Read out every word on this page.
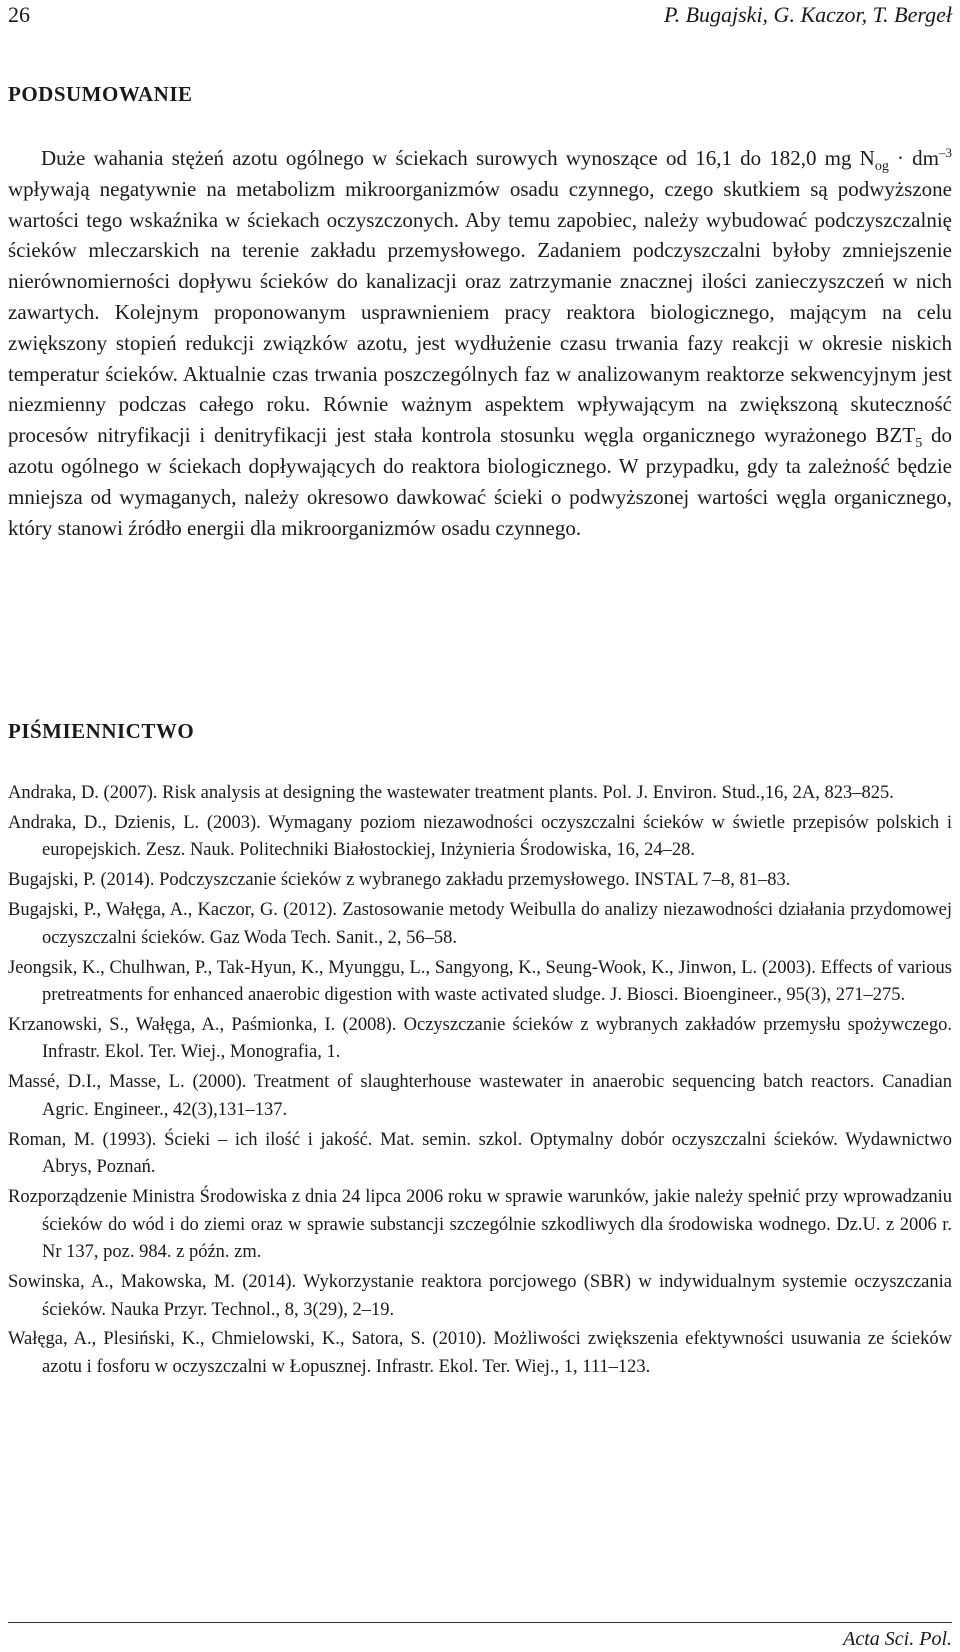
26	P. Bugajski, G. Kaczor, T. Bergeł
PODSUMOWANIE

Duże wahania stężeń azotu ogólnego w ściekach surowych wynoszące od 16,1 do 182,0 mg $N_{og} \cdot dm^{-3}$ wpływają negatywnie na metabolizm mikroorganizmów osadu czynnego, czego skutkiem są podwyższone wartości tego wskaźnika w ściekach oczyszczonych. Aby temu zapobiec, należy wybudować podczyszczalnię ścieków mleczarskich na terenie zakładu przemysłowego. Zadaniem podczyszczalni byłoby zmniejszenie nierównomierności dopływu ścieków do kanalizacji oraz zatrzymanie znacznej ilości zanieczyszczeń w nich zawartych. Kolejnym proponowanym usprawnieniem pracy reaktora biologicznego, mającym na celu zwiększony stopień redukcji związków azotu, jest wydłużenie czasu trwania fazy reakcji w okresie niskich temperatur ścieków. Aktualnie czas trwania poszczególnych faz w analizowanym reaktorze sekwencyjnym jest niezmienny podczas całego roku. Równie ważnym aspektem wpływającym na zwiększoną skuteczność procesów nitryfikacji i denitryfikacji jest stała kontrola stosunku węgla organicznego wyrażonego $BZT_5$ do azotu ogólnego w ściekach dopływających do reaktora biologicznego. W przypadku, gdy ta zależność będzie mniejsza od wymaganych, należy okresowo dawkować ścieki o podwyższonej wartości węgla organicznego, który stanowi źródło energii dla mikroorganizmów osadu czynnego.

PIŚMIENNICTWO
Andraka, D. (2007). Risk analysis at designing the wastewater treatment plants. Pol. J. Environ. Stud.,16, 2A, 823–825.
Andraka, D., Dzienis, L. (2003). Wymagany poziom niezawodności oczyszczalni ścieków w świetle przepisów polskich i europejskich. Zesz. Nauk. Politechniki Białostockiej, Inżynieria Środowiska, 16, 24–28.
Bugajski, P. (2014). Podczyszczanie ścieków z wybranego zakładu przemysłowego. INSTAL 7–8, 81–83.
Bugajski, P., Wałęga, A., Kaczor, G. (2012). Zastosowanie metody Weibulla do analizy niezawodności działania przydomowej oczyszczalni ścieków. Gaz Woda Tech. Sanit., 2, 56–58.
Jeongsik, K., Chulhwan, P., Tak-Hyun, K., Myunggu, L., Sangyong, K., Seung-Wook, K., Jinwon, L. (2003). Effects of various pretreatments for enhanced anaerobic digestion with waste activated sludge. J. Biosci. Bioengineer., 95(3), 271–275.
Krzanowski, S., Wałęga, A., Paśmionka, I. (2008). Oczyszczanie ścieków z wybranych zakładów przemysłu spożywczego. Infrastr. Ekol. Ter. Wiej., Monografia, 1.
Massé, D.I., Masse, L. (2000). Treatment of slaughterhouse wastewater in anaerobic sequencing batch reactors. Canadian Agric. Engineer., 42(3),131–137.
Roman, M. (1993). Ścieki – ich ilość i jakość. Mat. semin. szkol. Optymalny dobór oczyszczalni ścieków. Wydawnictwo Abrys, Poznań.
Rozporządzenie Ministra Środowiska z dnia 24 lipca 2006 roku w sprawie warunków, jakie należy spełnić przy wprowadzaniu ścieków do wód i do ziemi oraz w sprawie substancji szczególnie szkodliwych dla środowiska wodnego. Dz.U. z 2006 r. Nr 137, poz. 984. z późn. zm.
Sowinska, A., Makowska, M. (2014). Wykorzystanie reaktora porcjowego (SBR) w indywidualnym systemie oczyszczania ścieków. Nauka Przyr. Technol., 8, 3(29), 2–19.
Wałęga, A., Plesiński, K., Chmielowski, K., Satora, S. (2010). Możliwości zwiększenia efektywności usuwania ze ścieków azotu i fosforu w oczyszczalni w Łopusznej. Infrastr. Ekol. Ter. Wiej., 1, 111–123.
Acta Sci. Pol.
